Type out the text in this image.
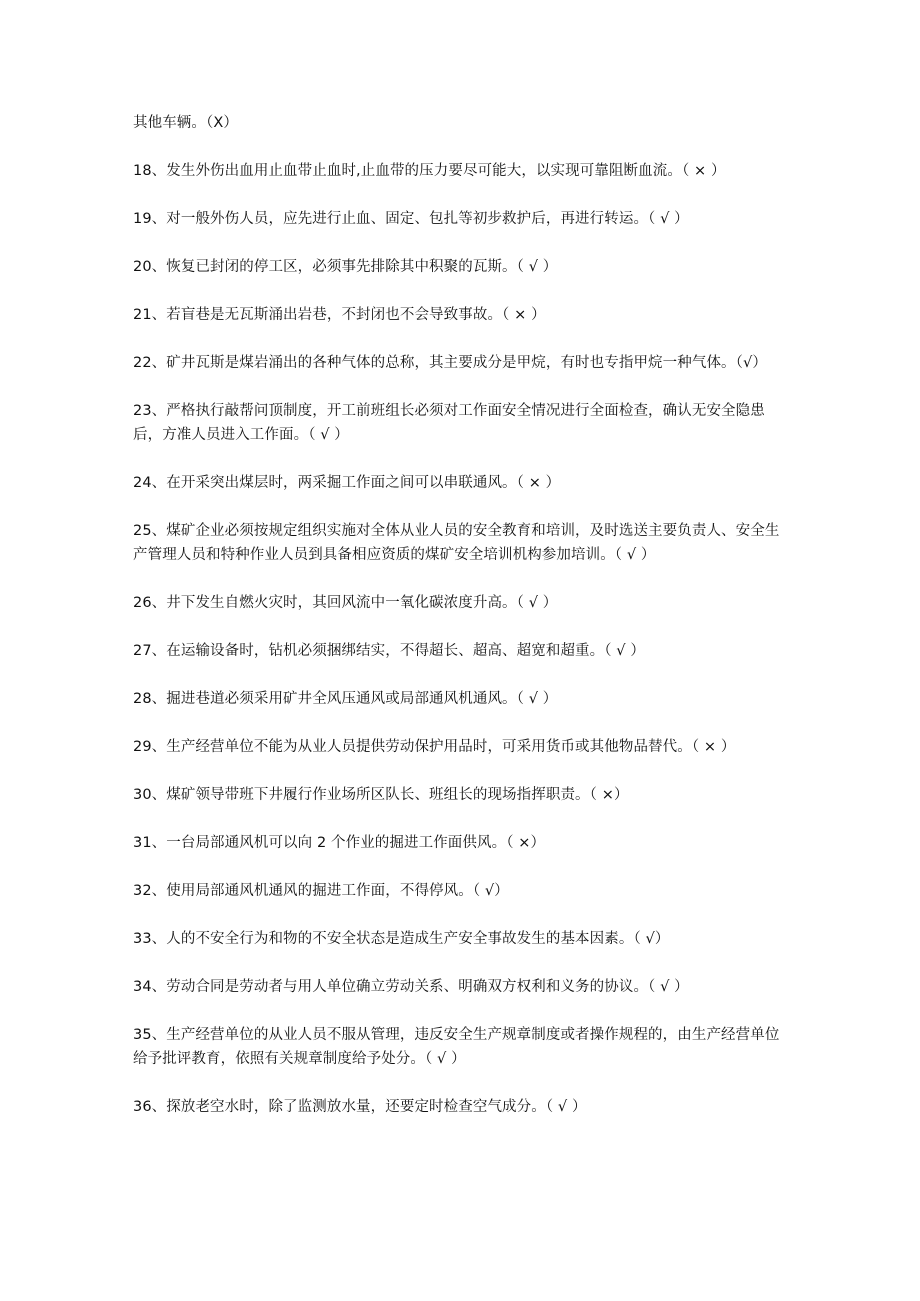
其他车辆。（X）

18、发生外伤出血用止血带止血时,止血带的压力要尽可能大，以实现可靠阻断血流。（ × ）

19、对一般外伤人员，应先进行止血、固定、包扎等初步救护后，再进行转运。（ √ ）

20、恢复已封闭的停工区，必须事先排除其中积聚的瓦斯。（ √ ）

21、若盲巷是无瓦斯涌出岩巷，不封闭也不会导致事故。（ × ）

22、矿井瓦斯是煤岩涌出的各种气体的总称，其主要成分是甲烷，有时也专指甲烷一种气体。（√）

23、严格执行敲帮问顶制度，开工前班组长必须对工作面安全情况进行全面检查，确认无安全隐患后，方准人员进入工作面。（ √ ）

24、在开采突出煤层时，两采掘工作面之间可以串联通风。（ × ）

25、煤矿企业必须按规定组织实施对全体从业人员的安全教育和培训，及时选送主要负责人、安全生产管理人员和特种作业人员到具备相应资质的煤矿安全培训机构参加培训。（ √ ）

26、井下发生自燃火灾时，其回风流中一氧化碳浓度升高。（ √ ）

27、在运输设备时，钻机必须捆绑结实，不得超长、超高、超宽和超重。（ √ ）

28、掘进巷道必须采用矿井全风压通风或局部通风机通风。（ √ ）

29、生产经营单位不能为从业人员提供劳动保护用品时，可采用货币或其他物品替代。（ × ）

30、煤矿领导带班下井履行作业场所区队长、班组长的现场指挥职责。（ ×）

31、一台局部通风机可以向 2 个作业的掘进工作面供风。（ ×）

32、使用局部通风机通风的掘进工作面，不得停风。（ √）

33、人的不安全行为和物的不安全状态是造成生产安全事故发生的基本因素。（ √）

34、劳动合同是劳动者与用人单位确立劳动关系、明确双方权利和义务的协议。（ √ ）

35、生产经营单位的从业人员不服从管理，违反安全生产规章制度或者操作规程的，由生产经营单位给予批评教育，依照有关规章制度给予处分。（ √ ）

36、探放老空水时，除了监测放水量，还要定时检查空气成分。（ √ ）
